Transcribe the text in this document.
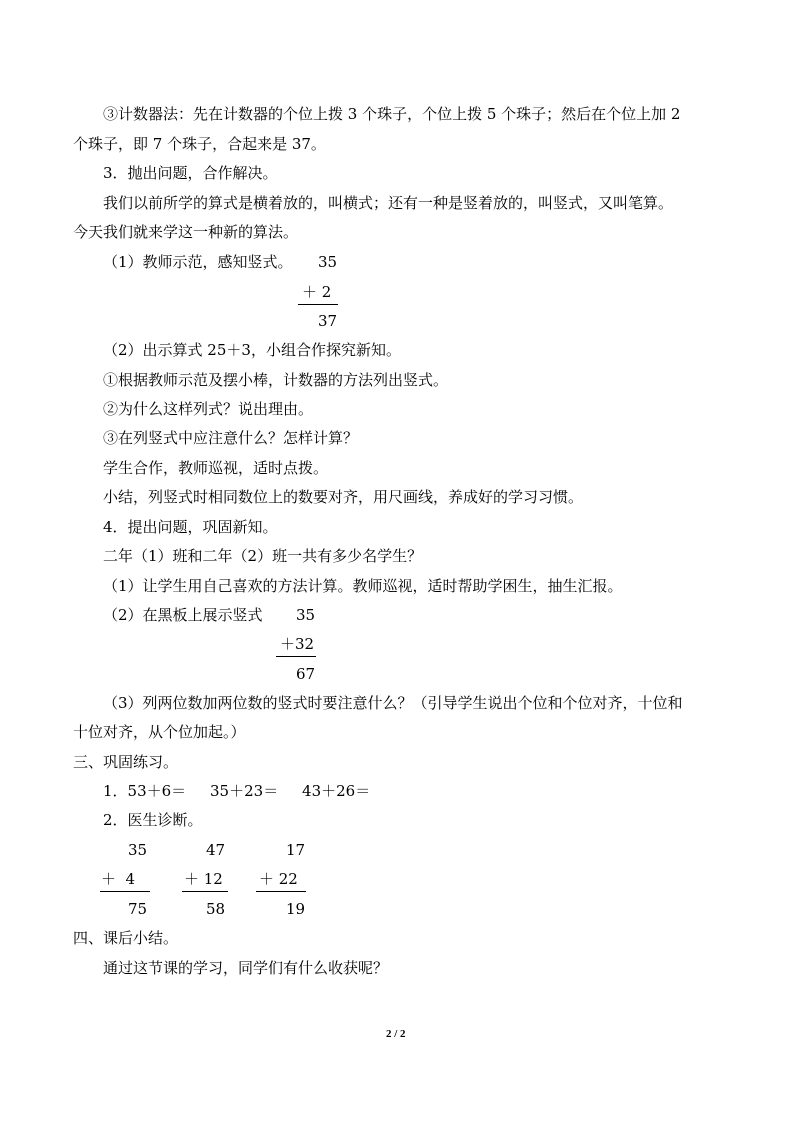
③计数器法：先在计数器的个位上拨 3 个珠子，个位上拨 5 个珠子；然后在个位上加 2
个珠子，即 7 个珠子，合起来是 37。
3．抛出问题，合作解决。
我们以前所学的算式是横着放的，叫横式；还有一种是竖着放的，叫竖式，又叫笔算。
今天我们就来学这一种新的算法。
（1）教师示范，感知竖式。 35
＋ 2
37
（2）出示算式 25＋3，小组合作探究新知。
①根据教师示范及摆小棒，计数器的方法列出竖式。
②为什么这样列式？说出理由。
③在列竖式中应注意什么？怎样计算？
学生合作，教师巡视，适时点拨。
小结，列竖式时相同数位上的数要对齐，用尺画线，养成好的学习习惯。
4．提出问题，巩固新知。
二年（1）班和二年（2）班一共有多少名学生？
（1）让学生用自己喜欢的方法计算。教师巡视，适时帮助学困生，抽生汇报。
（2）在黑板上展示竖式 35
＋32
67
（3）列两位数加两位数的竖式时要注意什么？（引导学生说出个位和个位对齐，十位和
十位对齐，从个位加起。）
三、巩固练习。
1．53＋6＝     35＋23＝     43＋26＝
2．医生诊断。
35
＋  4
75
47
＋ 12
58
17
＋ 22
19
四、课后小结。
通过这节课的学习，同学们有什么收获呢？
2 / 2
